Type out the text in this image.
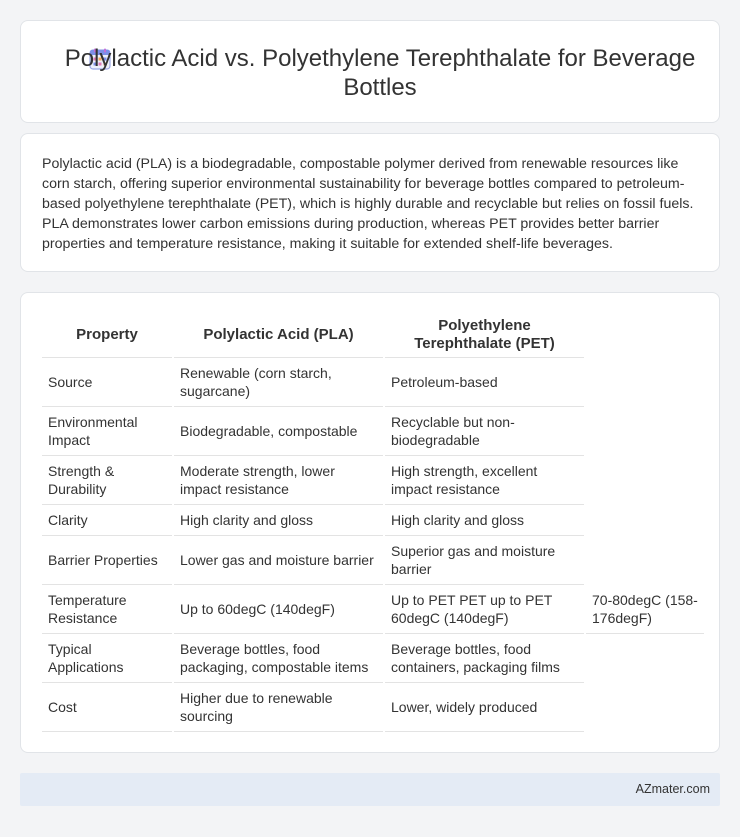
Polylactic Acid vs. Polyethylene Terephthalate for Beverage Bottles

Polylactic acid (PLA) is a biodegradable, compostable polymer derived from renewable resources like corn starch, offering superior environmental sustainability for beverage bottles compared to petroleum-based polyethylene terephthalate (PET), which is highly durable and recyclable but relies on fossil fuels. PLA demonstrates lower carbon emissions during production, whereas PET provides better barrier properties and temperature resistance, making it suitable for extended shelf-life beverages.

Property		Polylactic Acid (PLA)		Polyethylene Terephthalate (PET)		
Source		Renewable (corn starch, sugarcane)		Petroleum-based		
Environmental Impact		Biodegradable, compostable		Recyclable but non-biodegradable		
Strength & Durability		Moderate strength, lower impact resistance		High strength, excellent impact resistance		
Clarity		High clarity and gloss		High clarity and gloss		
Barrier Properties		Lower gas and moisture barrier		Superior gas and moisture barrier		
Temperature Resistance		Up to 60degC (140degF)		Up to PET PET up to PET 60degC (140degF)		70-80degC (158-176degF)
Typical Applications		Beverage bottles, food packaging, compostable items		Beverage bottles, food containers, packaging films		
Cost		Higher due to renewable sourcing		Lower, widely produced		
AZmater.com
